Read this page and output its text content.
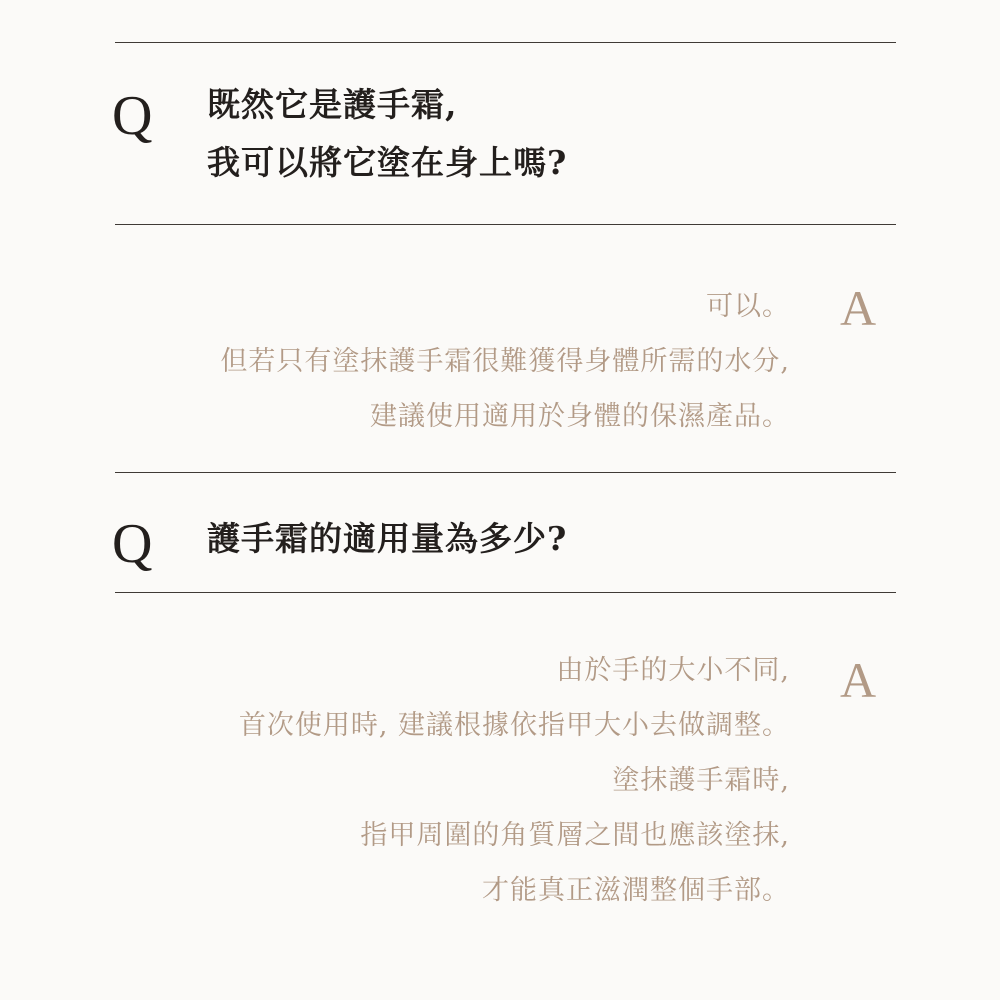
Q 既然它是護手霜,
我可以將它塗在身上嗎?
A
可以。
但若只有塗抹護手霜很難獲得身體所需的水分,
建議使用適用於身體的保濕產品。
Q 護手霜的適用量為多少?
A
由於手的大小不同,
首次使用時, 建議根據依指甲大小去做調整。
塗抹護手霜時,
指甲周圍的角質層之間也應該塗抹,
才能真正滋潤整個手部。
